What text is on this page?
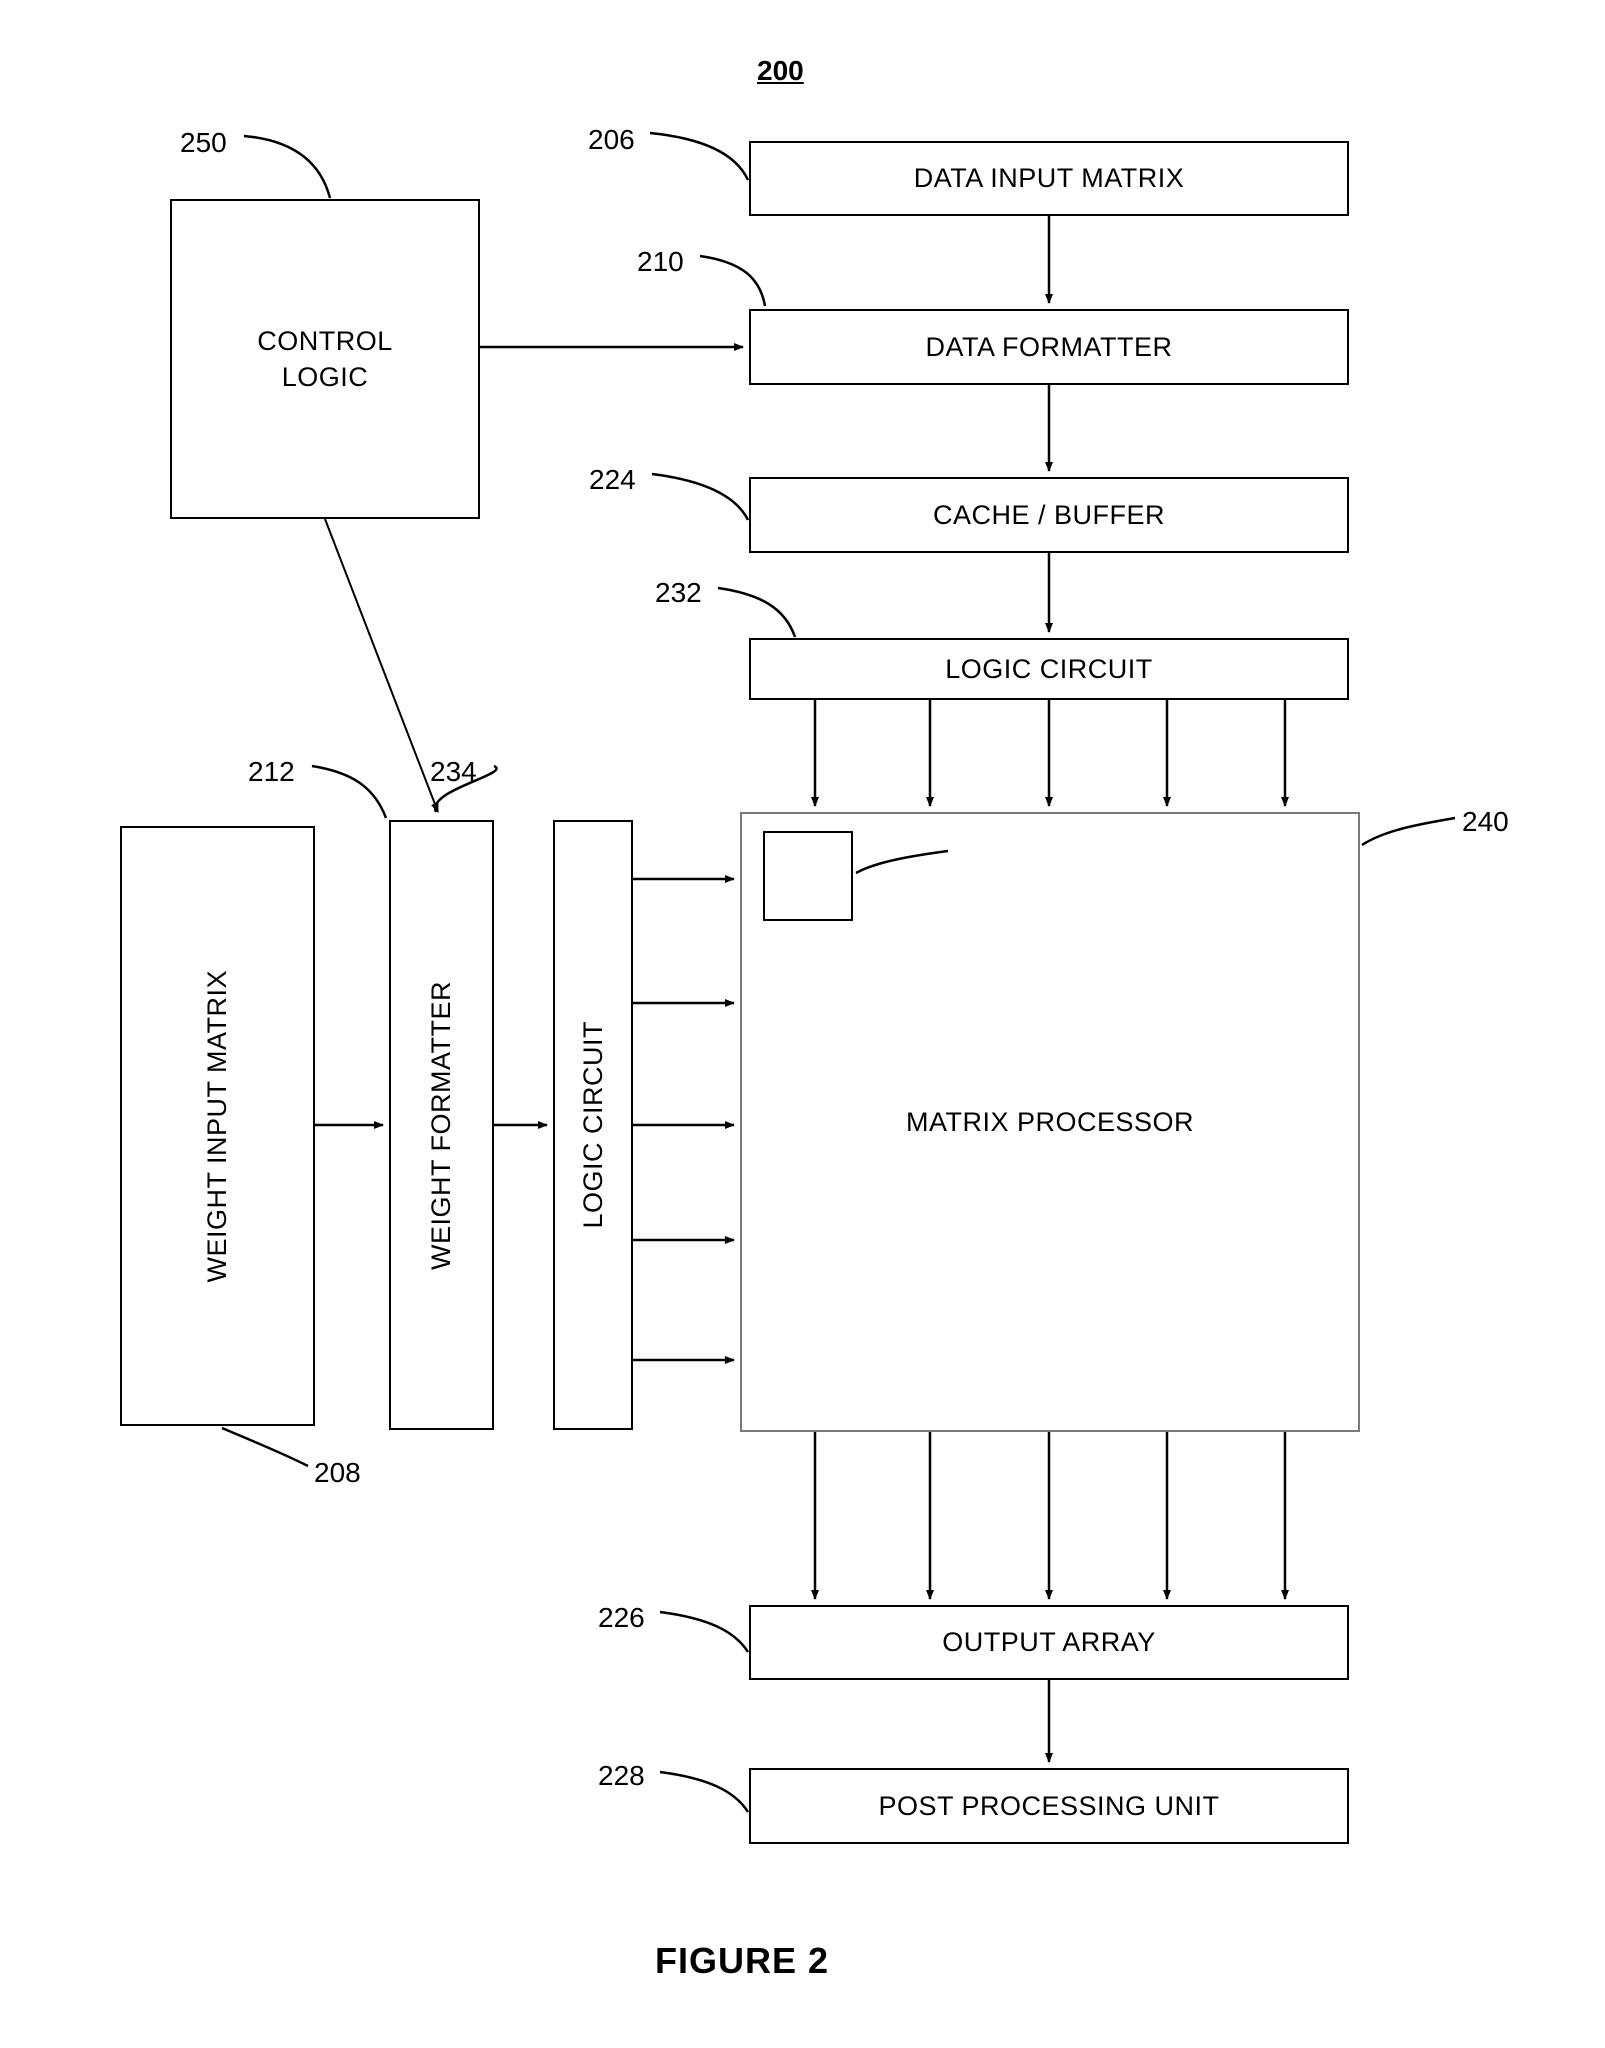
200
250	206
210
224
232
212	234
240
208
226
228
DATA INPUT MATRIX
DATA FORMATTER
CACHE / BUFFER
LOGIC CIRCUIT
CONTROL
LOGIC
WEIGHT INPUT MATRIX	WEIGHT FORMATTER	LOGIC CIRCUIT	MATRIX PROCESSOR
OUTPUT ARRAY
POST PROCESSING UNIT
FIGURE 2
